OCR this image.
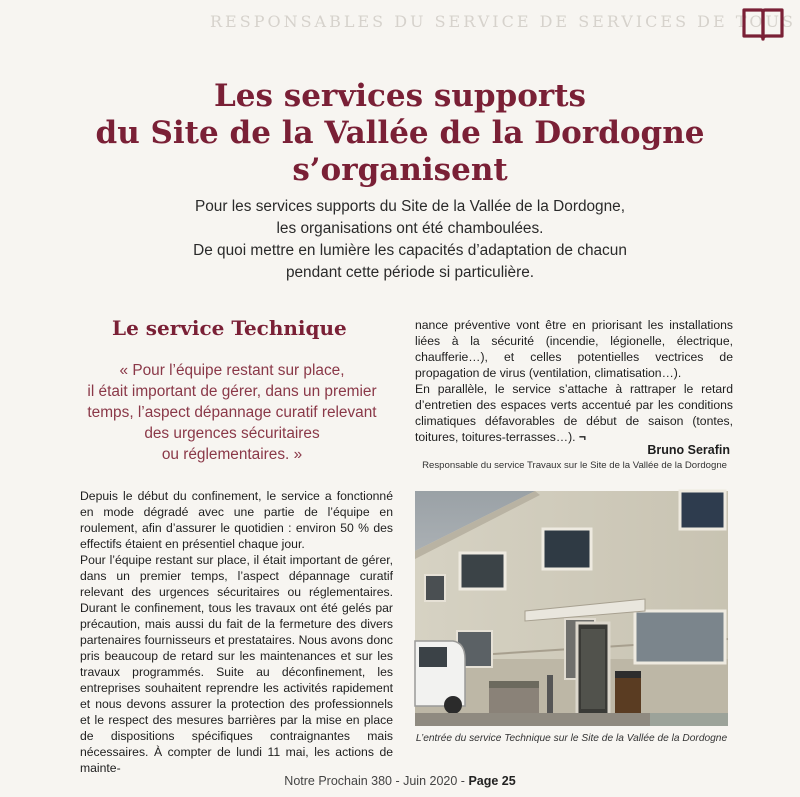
RESPONSABLES DU SERVICE DE SERVICES DE TOUS
Les services supports
du Site de la Vallée de la Dordogne
s’organisent
Pour les services supports du Site de la Vallée de la Dordogne,
les organisations ont été chamboulées.
De quoi mettre en lumière les capacités d’adaptation de chacun
pendant cette période si particulière.
Le service Technique
« Pour l’équipe restant sur place,
il était important de gérer, dans un premier
temps, l’aspect dépannage curatif relevant
des urgences sécuritaires
ou réglementaires. »

Depuis le début du confinement, le service a fonctionné en mode dégradé avec une partie de l’équipe en roulement, afin d’assurer le quotidien : environ 50 % des effectifs étaient en présentiel chaque jour.

Pour l’équipe restant sur place, il était important de gérer, dans un premier temps, l’aspect dépannage curatif relevant des urgences sécuritaires ou réglementaires. Durant le confinement, tous les travaux ont été gelés par précaution, mais aussi du fait de la fermeture des divers partenaires fournisseurs et prestataires. Nous avons donc pris beaucoup de retard sur les maintenances et sur les travaux programmés. Suite au déconfinement, les entreprises souhaitent reprendre les activités rapidement et nous devons assurer la protection des professionnels et le respect des mesures barrières par la mise en place de dispositions spécifiques contraignantes mais nécessaires. À compter de lundi 11 mai, les actions de mainte-

nance préventive vont être en priorisant les installations liées à la sécurité (incendie, légionelle, électrique, chaufferie…), et celles potentielles vectrices de propagation de virus (ventilation, climatisation…).

En parallèle, le service s’attache à rattraper le retard d’entretien des espaces verts accentué par les conditions climatiques défavorables de début de saison (tontes, toitures, toitures-terrasses…). ¬

Bruno Serafin
Responsable du service Travaux sur le Site de la Vallée de la Dordogne
L’entrée du service Technique sur le Site de la Vallée de la Dordogne
Notre Prochain 380 - Juin 2020 - Page 25
